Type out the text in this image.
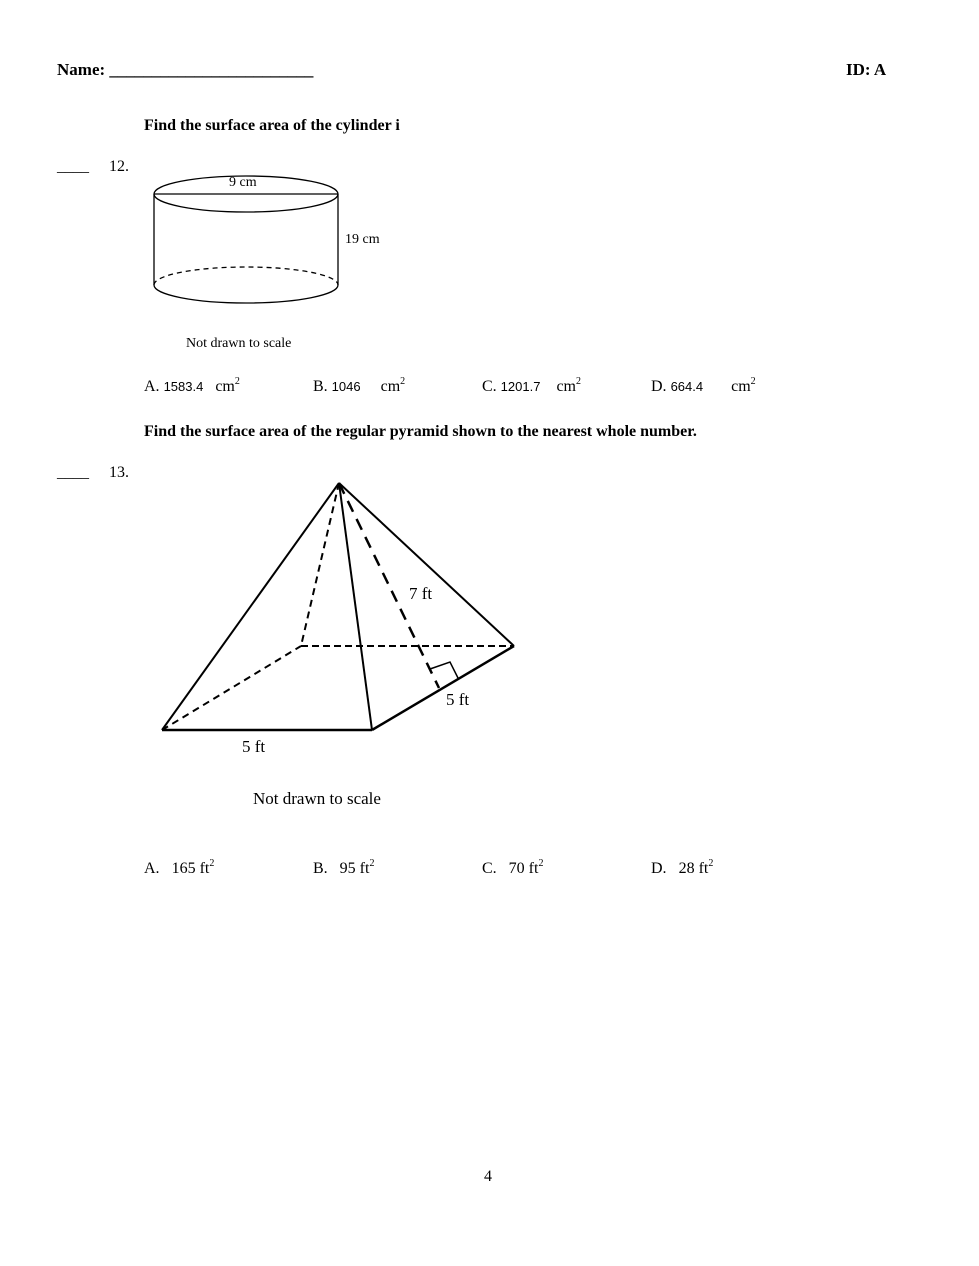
Name: ________________________	ID: A
Find the surface area of the cylinder i
____ 12.
9 cm
19 cm
Not drawn to scale
A. 1583.4 $cm^2$	B. 1046 $cm^2$	C. 1201.7 $cm^2$	D. 664.4 $cm^2$
Find the surface area of the regular pyramid shown to the nearest whole number.
____ 13.
7 ft
5 ft
5 ft
Not drawn to scale
A. 165 $ft^2$	B. 95 $ft^2$	C. 70 $ft^2$	D. 28 $ft^2$
4
